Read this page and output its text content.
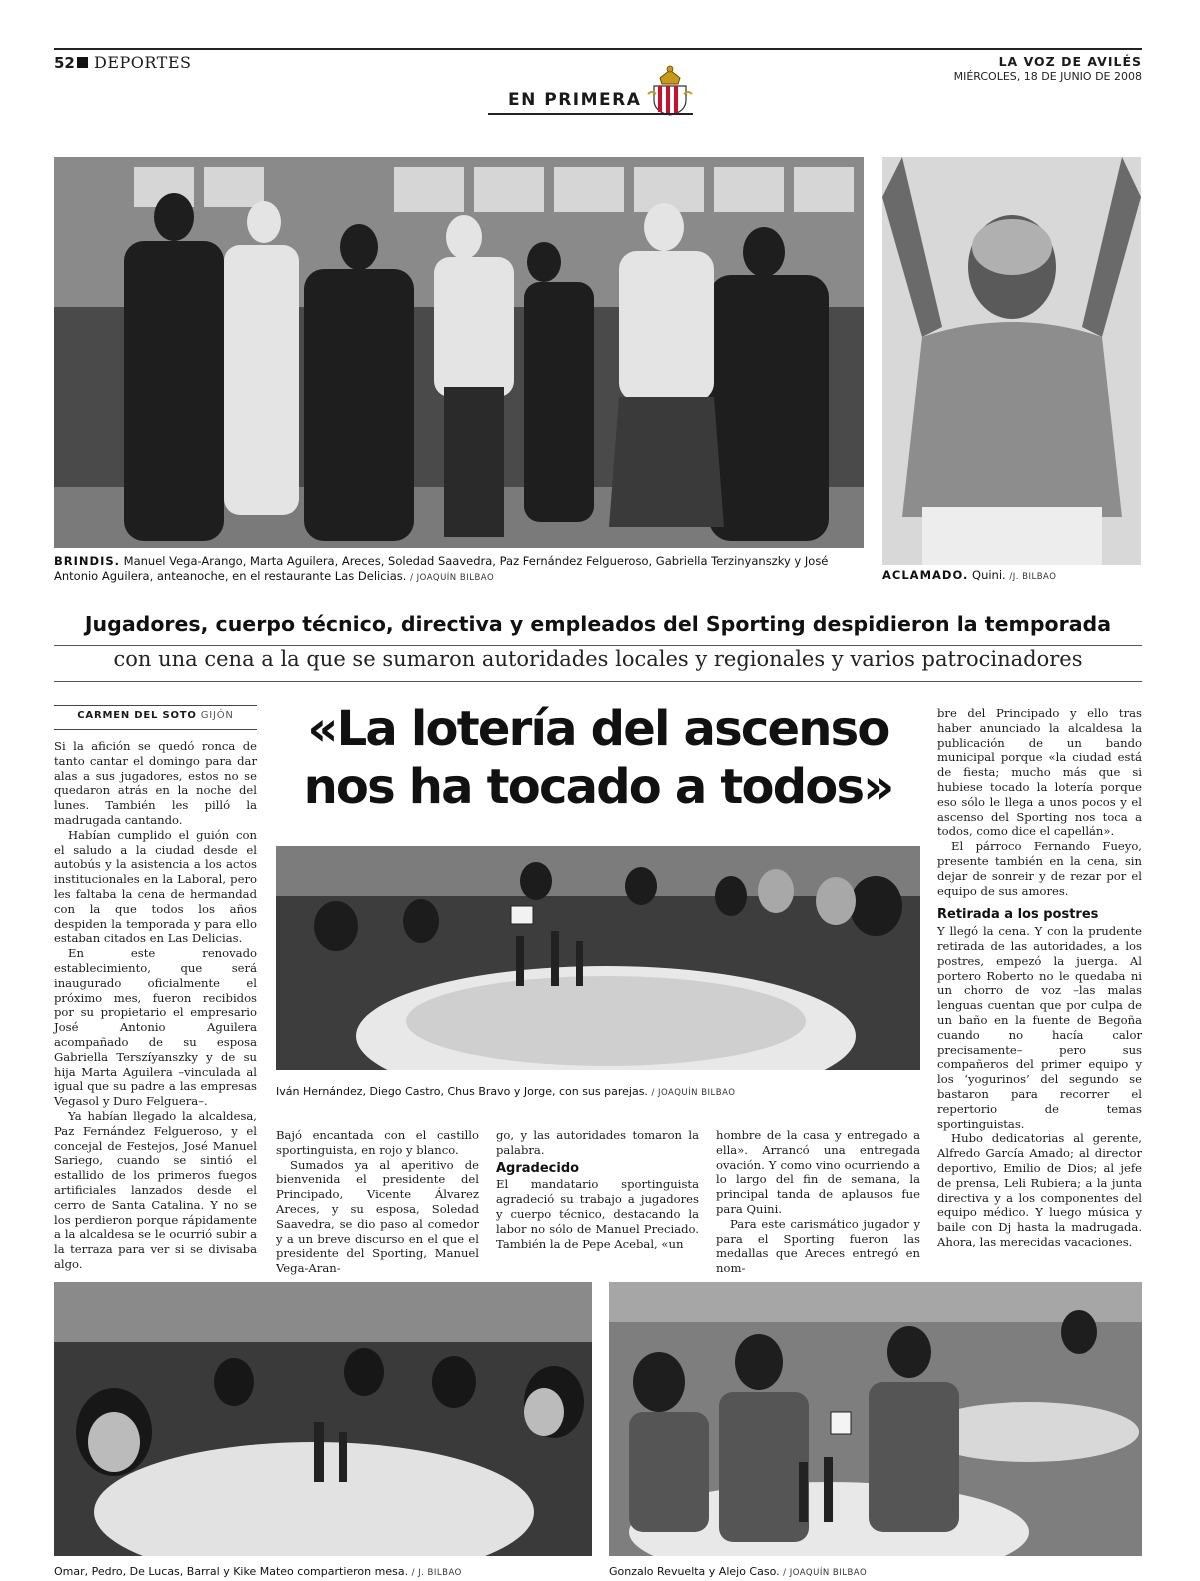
52 DEPORTES	LA VOZ DE AVILÉS
MIÉRCOLES, 18 DE JUNIO DE 2008
EN PRIMERA
BRINDIS. Manuel Vega-Arango, Marta Aguilera, Areces, Soledad Saavedra, Paz Fernández Felgueroso, Gabriella Terzinyanszky y José Antonio Aguilera, anteanoche, en el restaurante Las Delicias. / JOAQUÍN BILBAO	ACLAMADO. Quini. /J. BILBAO
Jugadores, cuerpo técnico, directiva y empleados del Sporting despidieron la temporada
con una cena a la que se sumaron autoridades locales y regionales y varios patrocinadores
CARMEN DEL SOTO GIJÓN	«La lotería del ascenso
nos ha tocado a todos»
Iván Hernández, Diego Castro, Chus Bravo y Jorge, con sus parejas. / JOAQUÍN BILBAO

Si la afición se quedó ronca de tanto cantar el domingo para dar alas a sus jugadores, estos no se quedaron atrás en la noche del lunes. También les pilló la madrugada cantando.

Habían cumplido el guión con el saludo a la ciudad desde el autobús y la asistencia a los actos institucionales en la Laboral, pero les faltaba la cena de hermandad con la que todos los años despiden la temporada y para ello estaban citados en Las Delicias.

En este renovado establecimiento, que será inaugurado oficialmente el próximo mes, fueron recibidos por su propietario el empresario José Antonio Aguilera acompañado de su esposa Gabriella Terszíyanszky y de su hija Marta Aguilera –vinculada al igual que su padre a las empresas Vegasol y Duro Felguera–.

Ya habían llegado la alcaldesa, Paz Fernández Felgueroso, y el concejal de Festejos, José Manuel Sariego, cuando se sintió el estallido de los primeros fuegos artificiales lanzados desde el cerro de Santa Catalina. Y no se los perdieron porque rápidamente a la alcaldesa se le ocurrió subir a la terraza para ver si se divisaba algo.

Bajó encantada con el castillo sportinguista, en rojo y blanco.

Sumados ya al aperitivo de bienvenida el presidente del Principado, Vicente Álvarez Areces, y su esposa, Soledad Saavedra, se dio paso al comedor y a un breve discurso en el que el presidente del Sporting, Manuel Vega-Aran-

go, y las autoridades tomaron la palabra.

Agradecido

El mandatario sportinguista agradeció su trabajo a jugadores y cuerpo técnico, destacando la labor no sólo de Manuel Preciado. También la de Pepe Acebal, «un

hombre de la casa y entregado a ella». Arrancó una entregada ovación. Y como vino ocurriendo a lo largo del fin de semana, la principal tanda de aplausos fue para Quini.

Para este carismático jugador y para el Sporting fueron las medallas que Areces entregó en nom-

bre del Principado y ello tras haber anunciado la alcaldesa la publicación de un bando municipal porque «la ciudad está de fiesta; mucho más que si hubiese tocado la lotería porque eso sólo le llega a unos pocos y el ascenso del Sporting nos toca a todos, como dice el capellán».

El párroco Fernando Fueyo, presente también en la cena, sin dejar de sonreir y de rezar por el equipo de sus amores.

Retirada a los postres

Y llegó la cena. Y con la prudente retirada de las autoridades, a los postres, empezó la juerga. Al portero Roberto no le quedaba ni un chorro de voz –las malas lenguas cuentan que por culpa de un baño en la fuente de Begoña cuando no hacía calor precisamente– pero sus compañeros del primer equipo y los ‘yogurinos’ del segundo se bastaron para recorrer el repertorio de temas sportinguistas.

Hubo dedicatorias al gerente, Alfredo García Amado; al director deportivo, Emilio de Dios; al jefe de prensa, Leli Rubiera; a la junta directiva y a los componentes del equipo médico. Y luego música y baile con Dj hasta la madrugada. Ahora, las merecidas vacaciones.

Omar, Pedro, De Lucas, Barral y Kike Mateo compartieron mesa. / J. BILBAO	Gonzalo Revuelta y Alejo Caso. / JOAQUÍN BILBAO
